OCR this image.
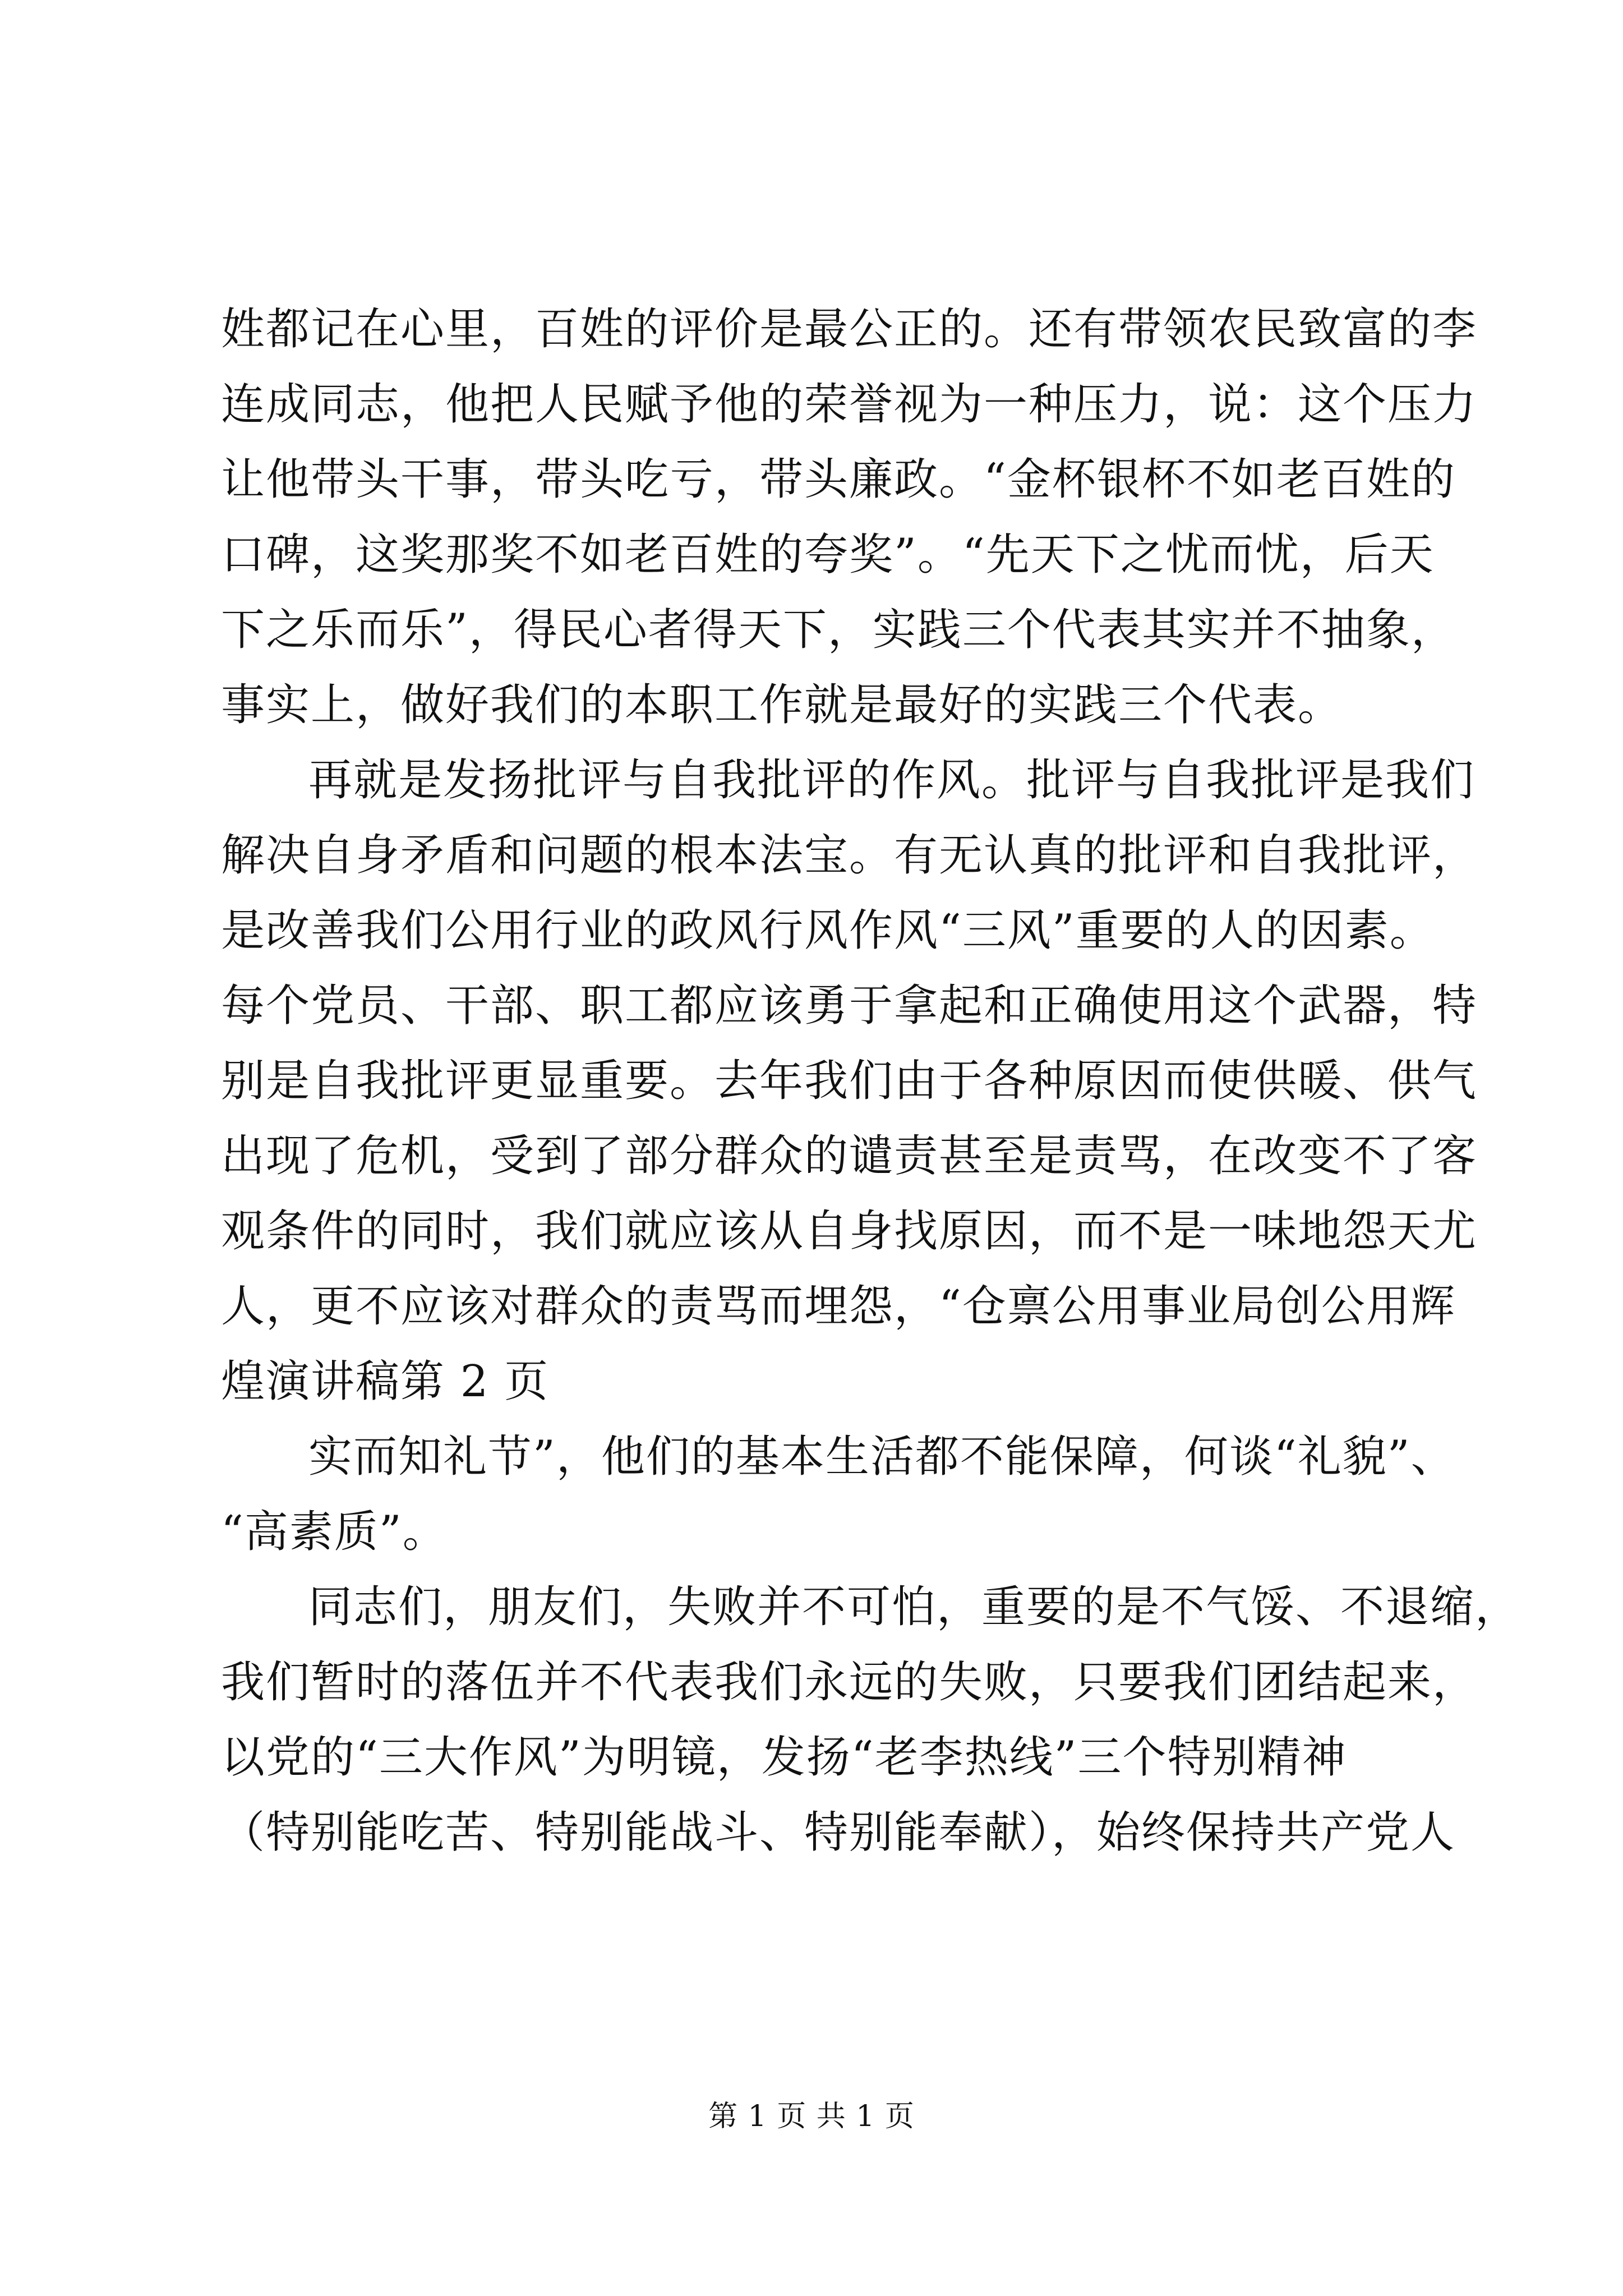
姓都记在心里，百姓的评价是最公正的。还有带领农民致富的李
连成同志，他把人民赋予他的荣誉视为一种压力，说：这个压力
让他带头干事，带头吃亏，带头廉政。“金杯银杯不如老百姓的
口碑，这奖那奖不如老百姓的夸奖”。“先天下之忧而忧，后天
下之乐而乐”，得民心者得天下，实践三个代表其实并不抽象，
事实上，做好我们的本职工作就是最好的实践三个代表。
再就是发扬批评与自我批评的作风。批评与自我批评是我们
解决自身矛盾和问题的根本法宝。有无认真的批评和自我批评，
是改善我们公用行业的政风行风作风“三风”重要的人的因素。
每个党员、干部、职工都应该勇于拿起和正确使用这个武器，特
别是自我批评更显重要。去年我们由于各种原因而使供暖、供气
出现了危机，受到了部分群众的谴责甚至是责骂，在改变不了客
观条件的同时，我们就应该从自身找原因，而不是一味地怨天尤
人，更不应该对群众的责骂而埋怨，“仓禀公用事业局创公用辉
煌演讲稿第 2 页
实而知礼节”，他们的基本生活都不能保障，何谈“礼貌”、
“高素质”。
同志们，朋友们，失败并不可怕，重要的是不气馁、不退缩，
我们暂时的落伍并不代表我们永远的失败，只要我们团结起来，
以党的“三大作风”为明镜，发扬“老李热线”三个特别精神
（特别能吃苦、特别能战斗、特别能奉献），始终保持共产党人
第 1 页 共 1 页
